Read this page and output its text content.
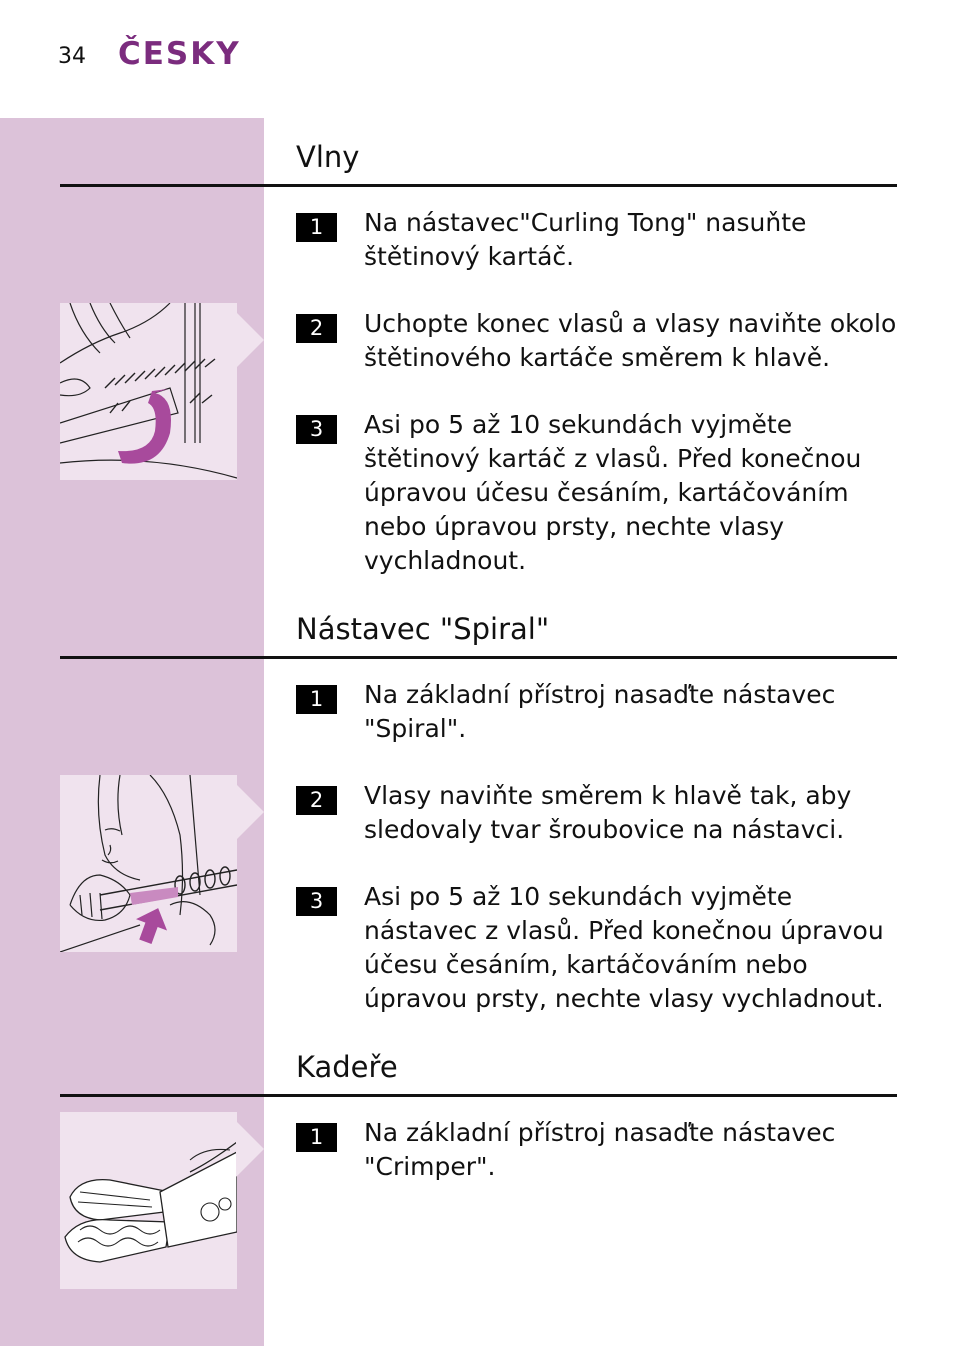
34 ČESKY
Vlny
1	Na nástavec"Curling Tong" nasuňte štětinový kartáč.
2	Uchopte konec vlasů a vlasy naviňte okolo štětinového kartáče směrem k hlavě.
3	Asi po 5 až 10 sekundách vyjměte štětinový kartáč z vlasů. Před konečnou úpravou účesu česáním, kartáčováním nebo úpravou prsty, nechte vlasy vychladnout.
Nástavec "Spiral"
1	Na základní přístroj nasaďte nástavec "Spiral".
2	Vlasy naviňte směrem k hlavě tak, aby sledovaly tvar šroubovice na nástavci.
3	Asi po 5 až 10 sekundách vyjměte nástavec z vlasů. Před konečnou úpravou účesu česáním, kartáčováním nebo úpravou prsty, nechte vlasy vychladnout.
Kadeře
1	Na základní přístroj nasaďte nástavec "Crimper".
